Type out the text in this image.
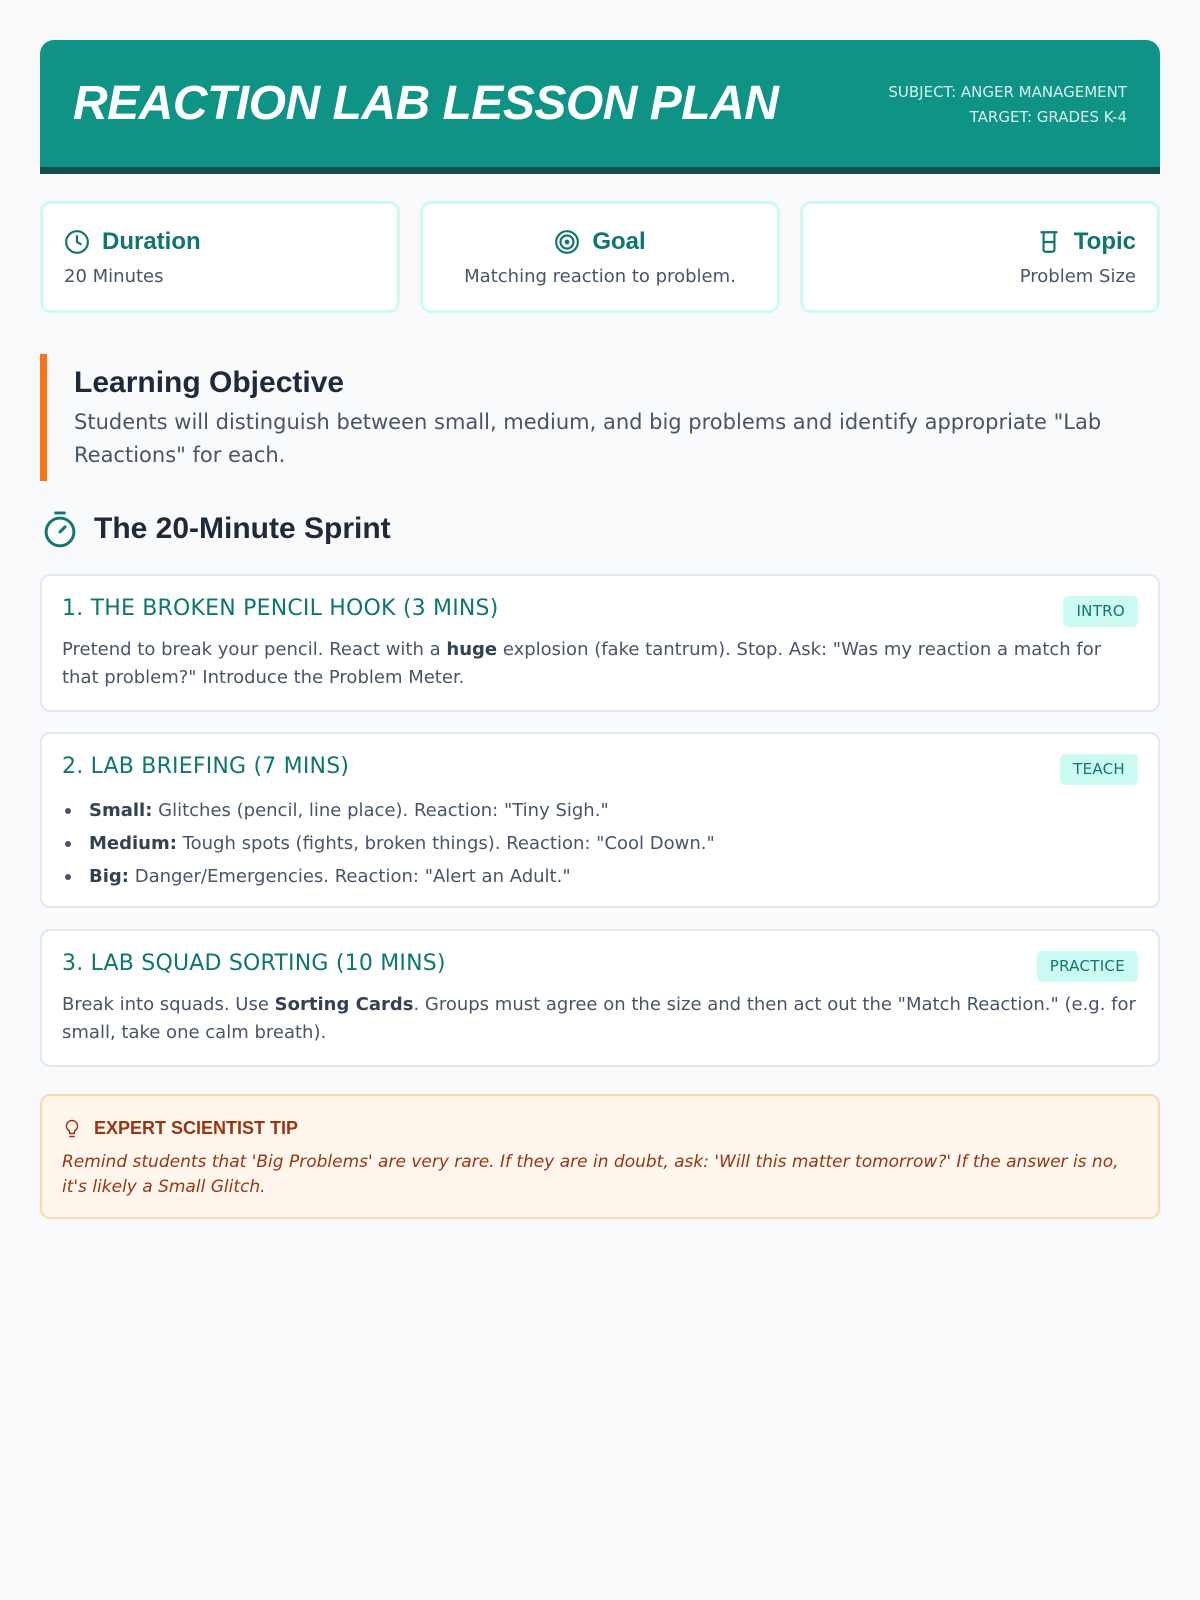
REACTION LAB LESSON PLAN	SUBJECT: ANGER MANAGEMENT
TARGET: GRADES K-4
Duration
20 Minutes
Goal
Matching reaction to problem.
Topic
Problem Size
Learning Objective
Students will distinguish between small, medium, and big problems and identify appropriate "Lab Reactions" for each.
The 20-Minute Sprint
1. THE BROKEN PENCIL HOOK (3 MINS)	INTRO
Pretend to break your pencil. React with a huge explosion (fake tantrum). Stop. Ask: "Was my reaction a match for that problem?" Introduce the Problem Meter.
2. LAB BRIEFING (7 MINS)	TEACH
Small: Glitches (pencil, line place). Reaction: "Tiny Sigh."
Medium: Tough spots (fights, broken things). Reaction: "Cool Down."
Big: Danger/Emergencies. Reaction: "Alert an Adult."
3. LAB SQUAD SORTING (10 MINS)	PRACTICE
Break into squads. Use Sorting Cards. Groups must agree on the size and then act out the "Match Reaction." (e.g. for small, take one calm breath).
EXPERT SCIENTIST TIP
Remind students that 'Big Problems' are very rare. If they are in doubt, ask: 'Will this matter tomorrow?' If the answer is no, it's likely a Small Glitch.
